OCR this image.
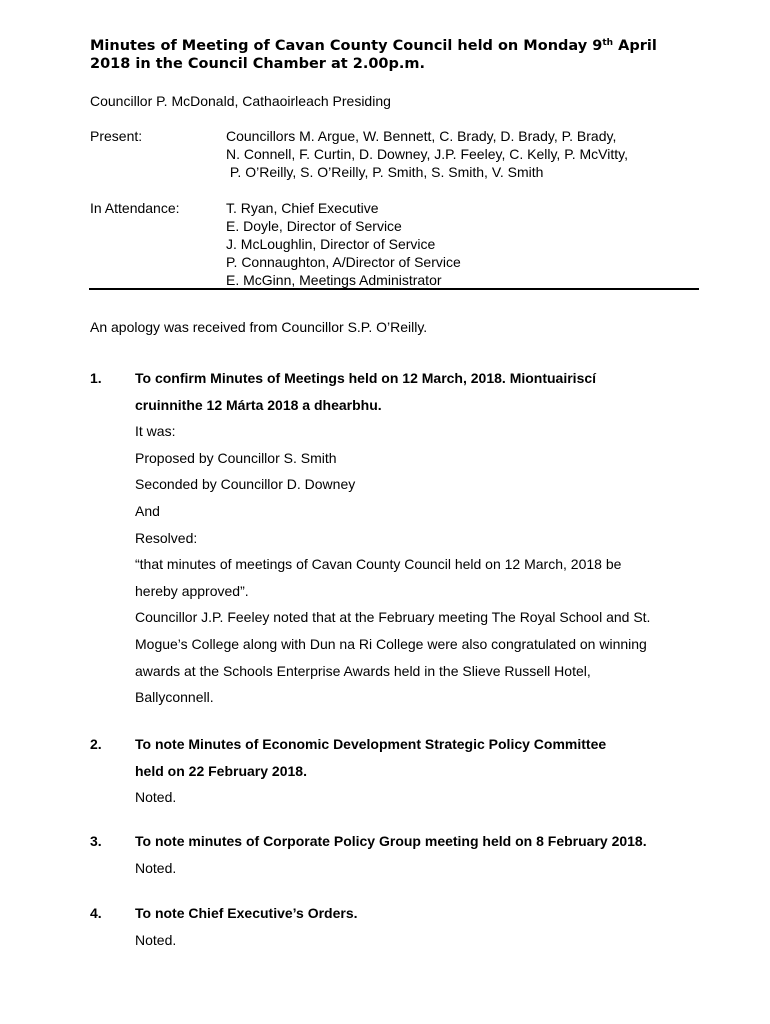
Minutes of Meeting of Cavan County Council held on Monday 9th April
2018 in the Council Chamber at 2.00p.m.
Councillor P. McDonald, Cathaoirleach Presiding
Present:	Councillors M. Argue, W. Bennett, C. Brady, D. Brady, P. Brady,
N. Connell, F. Curtin, D. Downey, J.P. Feeley, C. Kelly, P. McVitty,
P. O’Reilly, S. O’Reilly, P. Smith, S. Smith, V. Smith
In Attendance:	T. Ryan, Chief Executive
E. Doyle, Director of Service
J. McLoughlin, Director of Service
P. Connaughton, A/Director of Service
E. McGinn, Meetings Administrator
An apology was received from Councillor S.P. O’Reilly.
1. To confirm Minutes of Meetings held on 12 March, 2018. Miontuairiscí
cruinnithe 12 Márta 2018 a dhearbhu.
It was:
Proposed by Councillor S. Smith
Seconded by Councillor D. Downey
And
Resolved:
“that minutes of meetings of Cavan County Council held on 12 March, 2018 be
hereby approved”.
Councillor J.P. Feeley noted that at the February meeting The Royal School and St.
Mogue’s College along with Dun na Ri College were also congratulated on winning
awards at the Schools Enterprise Awards held in the Slieve Russell Hotel,
Ballyconnell.
2. To note Minutes of Economic Development Strategic Policy Committee
held on 22 February 2018.
Noted.
3. To note minutes of Corporate Policy Group meeting held on 8 February 2018.
Noted.
4. To note Chief Executive’s Orders.
Noted.
